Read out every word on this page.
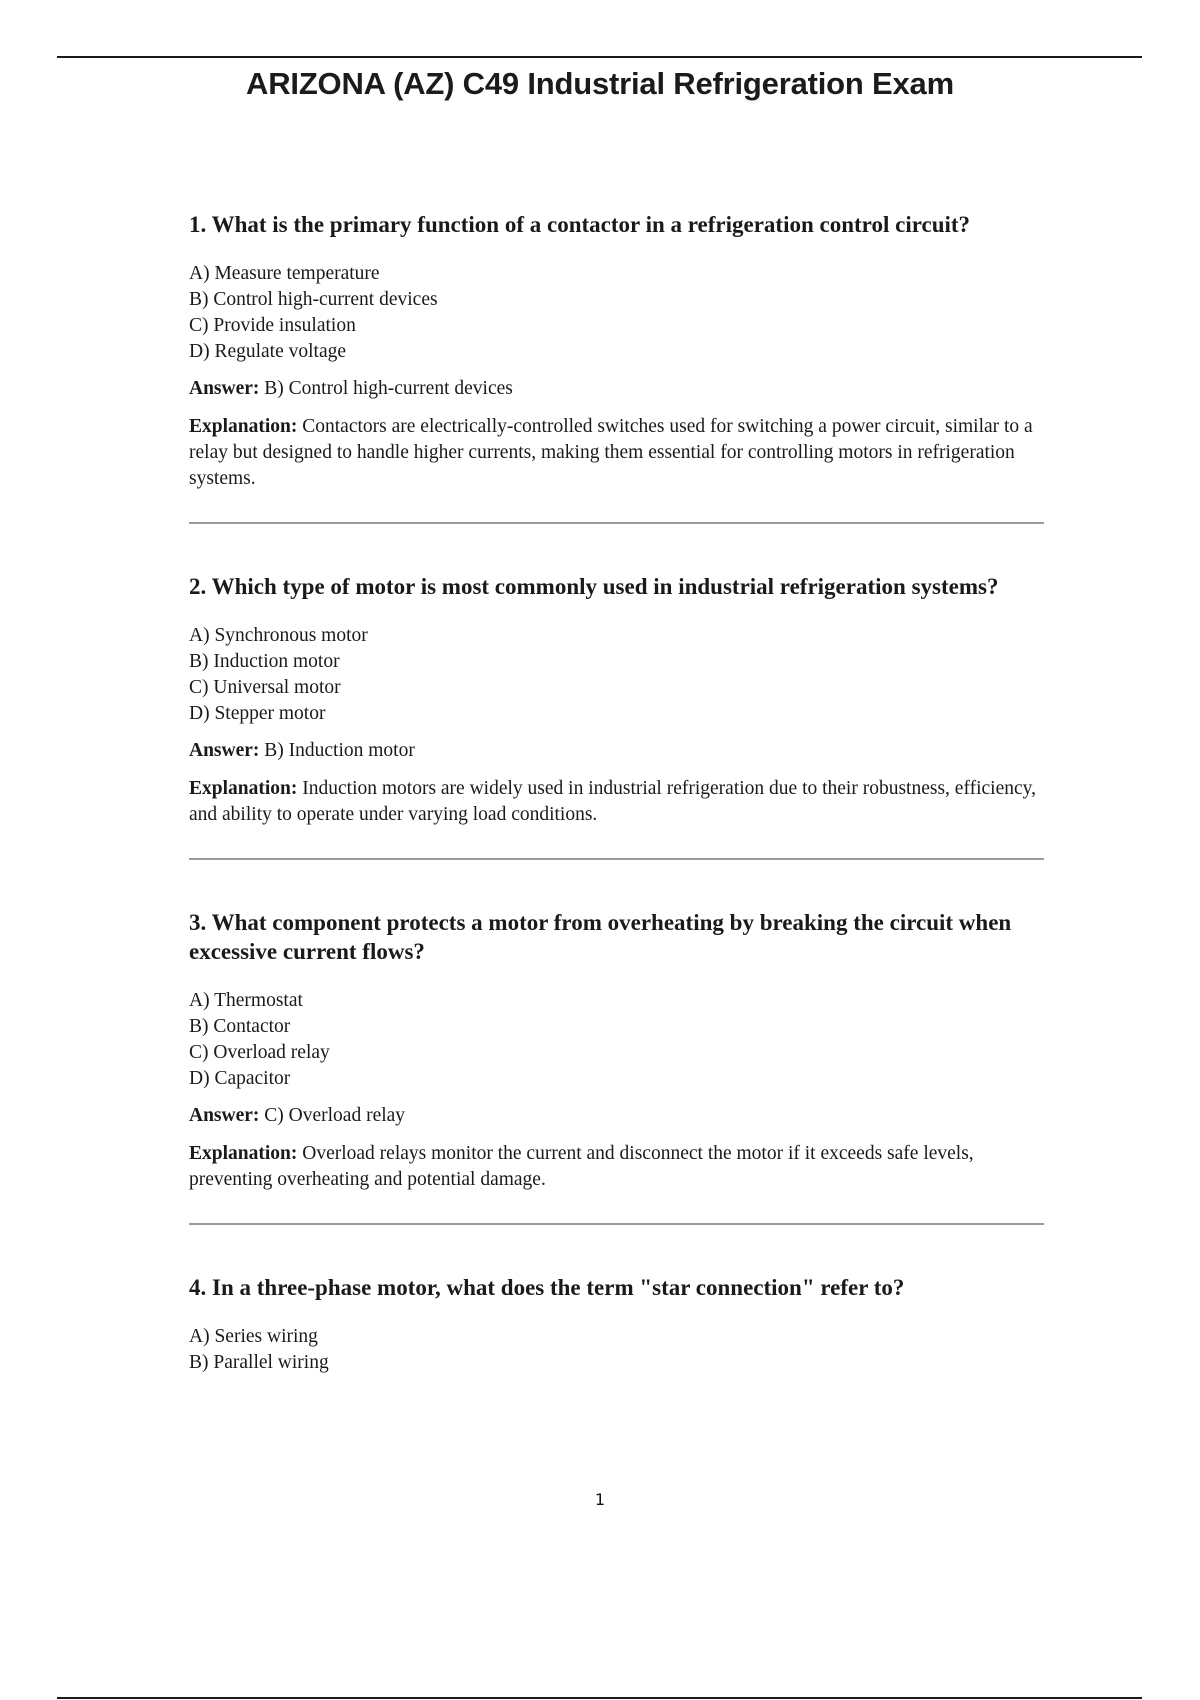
ARIZONA (AZ) C49 Industrial Refrigeration Exam
1. What is the primary function of a contactor in a refrigeration control circuit?
A) Measure temperature
B) Control high-current devices
C) Provide insulation
D) Regulate voltage

Answer: B) Control high-current devices

Explanation: Contactors are electrically-controlled switches used for switching a power circuit, similar to a relay but designed to handle higher currents, making them essential for controlling motors in refrigeration systems.

2. Which type of motor is most commonly used in industrial refrigeration systems?
A) Synchronous motor
B) Induction motor
C) Universal motor
D) Stepper motor

Answer: B) Induction motor

Explanation: Induction motors are widely used in industrial refrigeration due to their robustness, efficiency, and ability to operate under varying load conditions.

3. What component protects a motor from overheating by breaking the circuit when excessive current flows?
A) Thermostat
B) Contactor
C) Overload relay
D) Capacitor

Answer: C) Overload relay

Explanation: Overload relays monitor the current and disconnect the motor if it exceeds safe levels, preventing overheating and potential damage.

4. In a three-phase motor, what does the term "star connection" refer to?
A) Series wiring
B) Parallel wiring
1
